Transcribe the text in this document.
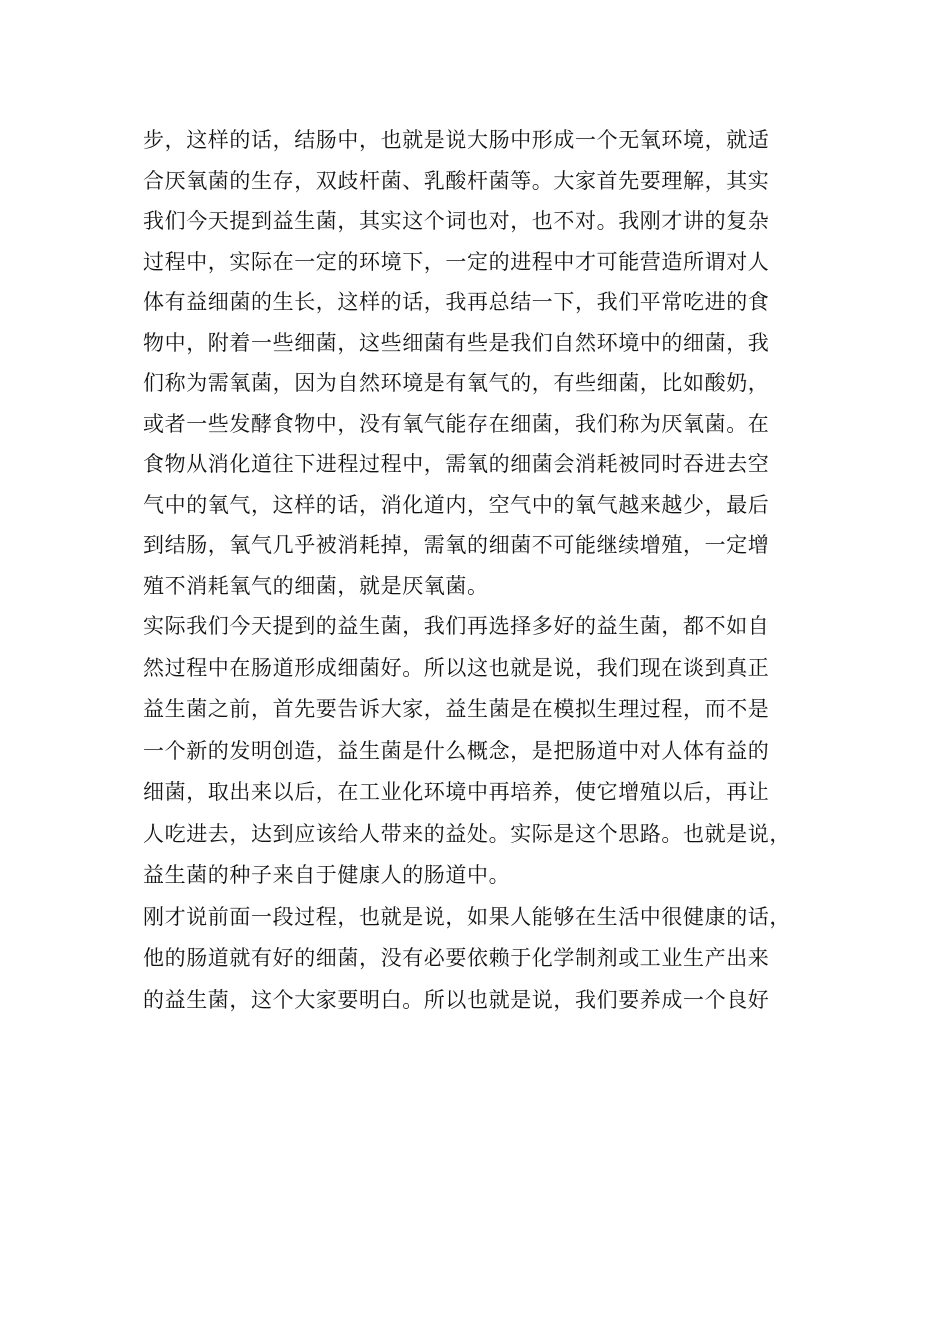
步，这样的话，结肠中，也就是说大肠中形成一个无氧环境，就适
合厌氧菌的生存，双歧杆菌、乳酸杆菌等。大家首先要理解，其实
我们今天提到益生菌，其实这个词也对，也不对。我刚才讲的复杂
过程中，实际在一定的环境下，一定的进程中才可能营造所谓对人
体有益细菌的生长，这样的话，我再总结一下，我们平常吃进的食
物中，附着一些细菌，这些细菌有些是我们自然环境中的细菌，我
们称为需氧菌，因为自然环境是有氧气的，有些细菌，比如酸奶，
或者一些发酵食物中，没有氧气能存在细菌，我们称为厌氧菌。在
食物从消化道往下进程过程中，需氧的细菌会消耗被同时吞进去空
气中的氧气，这样的话，消化道内，空气中的氧气越来越少，最后
到结肠，氧气几乎被消耗掉，需氧的细菌不可能继续增殖，一定增
殖不消耗氧气的细菌，就是厌氧菌。
实际我们今天提到的益生菌，我们再选择多好的益生菌，都不如自
然过程中在肠道形成细菌好。所以这也就是说，我们现在谈到真正
益生菌之前，首先要告诉大家，益生菌是在模拟生理过程，而不是
一个新的发明创造，益生菌是什么概念，是把肠道中对人体有益的
细菌，取出来以后，在工业化环境中再培养，使它增殖以后，再让
人吃进去，达到应该给人带来的益处。实际是这个思路。也就是说，
益生菌的种子来自于健康人的肠道中。
刚才说前面一段过程，也就是说，如果人能够在生活中很健康的话，
他的肠道就有好的细菌，没有必要依赖于化学制剂或工业生产出来
的益生菌，这个大家要明白。所以也就是说，我们要养成一个良好
